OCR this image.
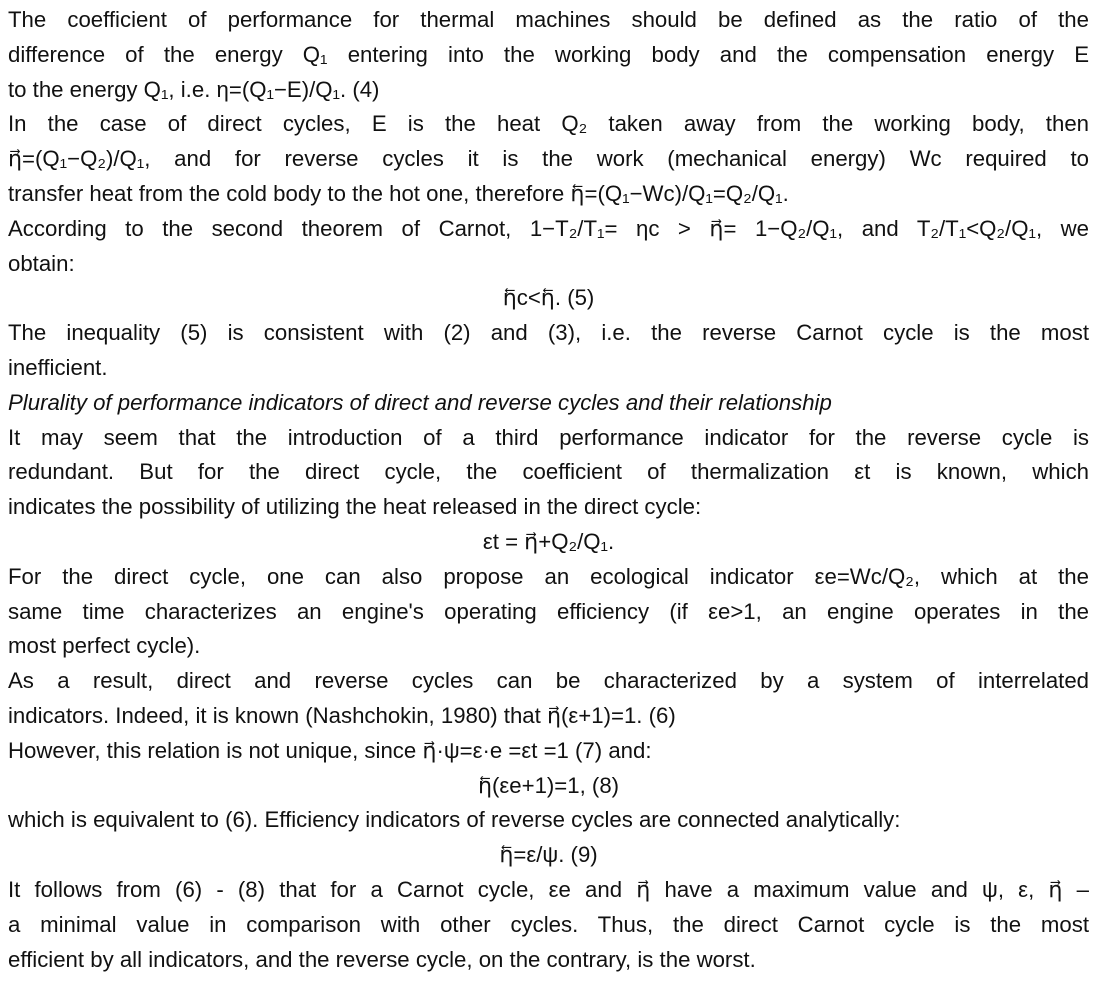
The coefficient of performance for thermal machines should be defined as the ratio of the
difference of the energy Q₁ entering into the working body and the compensation energy E
to the energy Q₁, i.e. η=(Q₁−E)/Q₁. (4)
In the case of direct cycles, E is the heat Q₂ taken away from the working body, then
η⃗=(Q₁−Q₂)/Q₁, and for reverse cycles it is the work (mechanical energy) Wc required to
transfer heat from the cold body to the hot one, therefore η⃖=(Q₁−Wc)/Q₁=Q₂/Q₁.
According to the second theorem of Carnot, 1−T₂/T₁= ηc > η⃗= 1−Q₂/Q₁, and T₂/T₁<Q₂/Q₁, we
obtain:
η⃖c<η⃖. (5)
The inequality (5) is consistent with (2) and (3), i.e. the reverse Carnot cycle is the most
inefficient.
Plurality of performance indicators of direct and reverse cycles and their relationship
It may seem that the introduction of a third performance indicator for the reverse cycle is
redundant. But for the direct cycle, the coefficient of thermalization εt is known, which
indicates the possibility of utilizing the heat released in the direct cycle:
εt = η⃗+Q₂/Q₁.
For the direct cycle, one can also propose an ecological indicator εe=Wc/Q₂, which at the
same time characterizes an engine's operating efficiency (if εe>1, an engine operates in the
most perfect cycle).
As a result, direct and reverse cycles can be characterized by a system of interrelated
indicators. Indeed, it is known (Nashchokin, 1980) that η⃗(ε+1)=1. (6)
However, this relation is not unique, since η⃗·ψ=ε·e =εt =1 (7) and:
η⃖(εe+1)=1, (8)
which is equivalent to (6). Efficiency indicators of reverse cycles are connected analytically:
η⃖=ε/ψ. (9)
It follows from (6) - (8) that for a Carnot cycle, εe and η⃗ have a maximum value and ψ, ε, η⃗ –
a minimal value in comparison with other cycles. Thus, the direct Carnot cycle is the most
efficient by all indicators, and the reverse cycle, on the contrary, is the worst.
